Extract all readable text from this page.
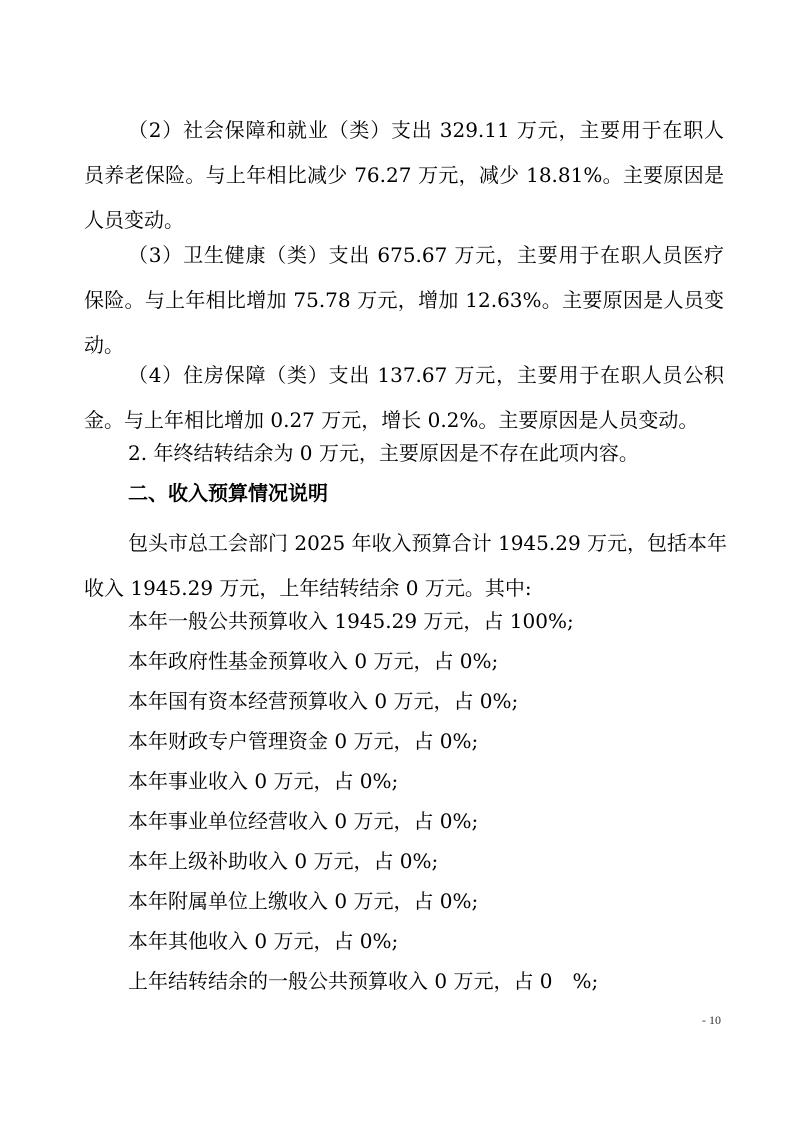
（2）社会保障和就业（类）支出 329.11 万元，主要用于在职人
员养老保险。与上年相比减少 76.27 万元，减少 18.81%。主要原因是
人员变动。
（3）卫生健康（类）支出 675.67 万元，主要用于在职人员医疗
保险。与上年相比增加 75.78 万元，增加 12.63%。主要原因是人员变
动。
（4）住房保障（类）支出 137.67 万元，主要用于在职人员公积
金。与上年相比增加 0.27 万元，增长 0.2%。主要原因是人员变动。
2. 年终结转结余为 0 万元，主要原因是不存在此项内容。
二、收入预算情况说明
包头市总工会部门 2025 年收入预算合计 1945.29 万元，包括本年
收入 1945.29 万元，上年结转结余 0 万元。其中:
本年一般公共预算收入 1945.29 万元，占 100%;
本年政府性基金预算收入 0 万元，占 0%;
本年国有资本经营预算收入 0 万元，占 0%;
本年财政专户管理资金 0 万元，占 0%;
本年事业收入 0 万元，占 0%;
本年事业单位经营收入 0 万元，占 0%;
本年上级补助收入 0 万元，占 0%;
本年附属单位上缴收入 0 万元，占 0%;
本年其他收入 0 万元，占 0%;
上年结转结余的一般公共预算收入 0 万元，占 0　%;
- 10
